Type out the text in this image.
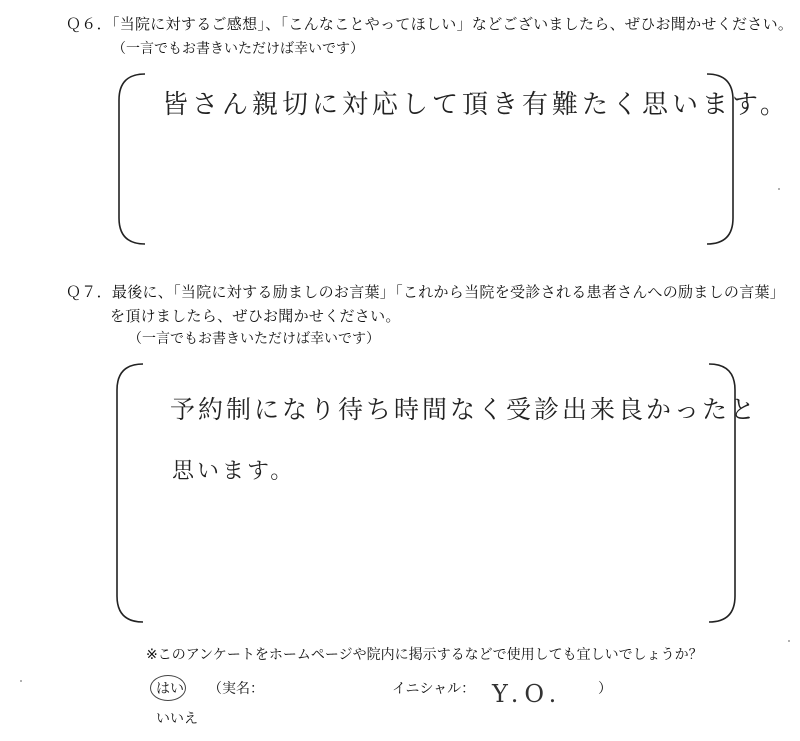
Ｑ６．「当院に対するご感想」、「こんなことやってほしい」などございましたら、ぜひお聞かせください。
（一言でもお書きいただけば幸いです）
皆さん親切に対応して頂き有難たく思います。
Ｑ７．最後に、「当院に対する励ましのお言葉」「これから当院を受診される患者さんへの励ましの言葉」
を頂けましたら、ぜひお聞かせください。
（一言でもお書きいただけば幸いです）
予約制になり待ち時間なく受診出来良かったと
思います。
※このアンケートをホームページや院内に掲示するなどで使用しても宜しいでしょうか？
はい （実名：	イニシャル： Y.O.	）
いいえ
